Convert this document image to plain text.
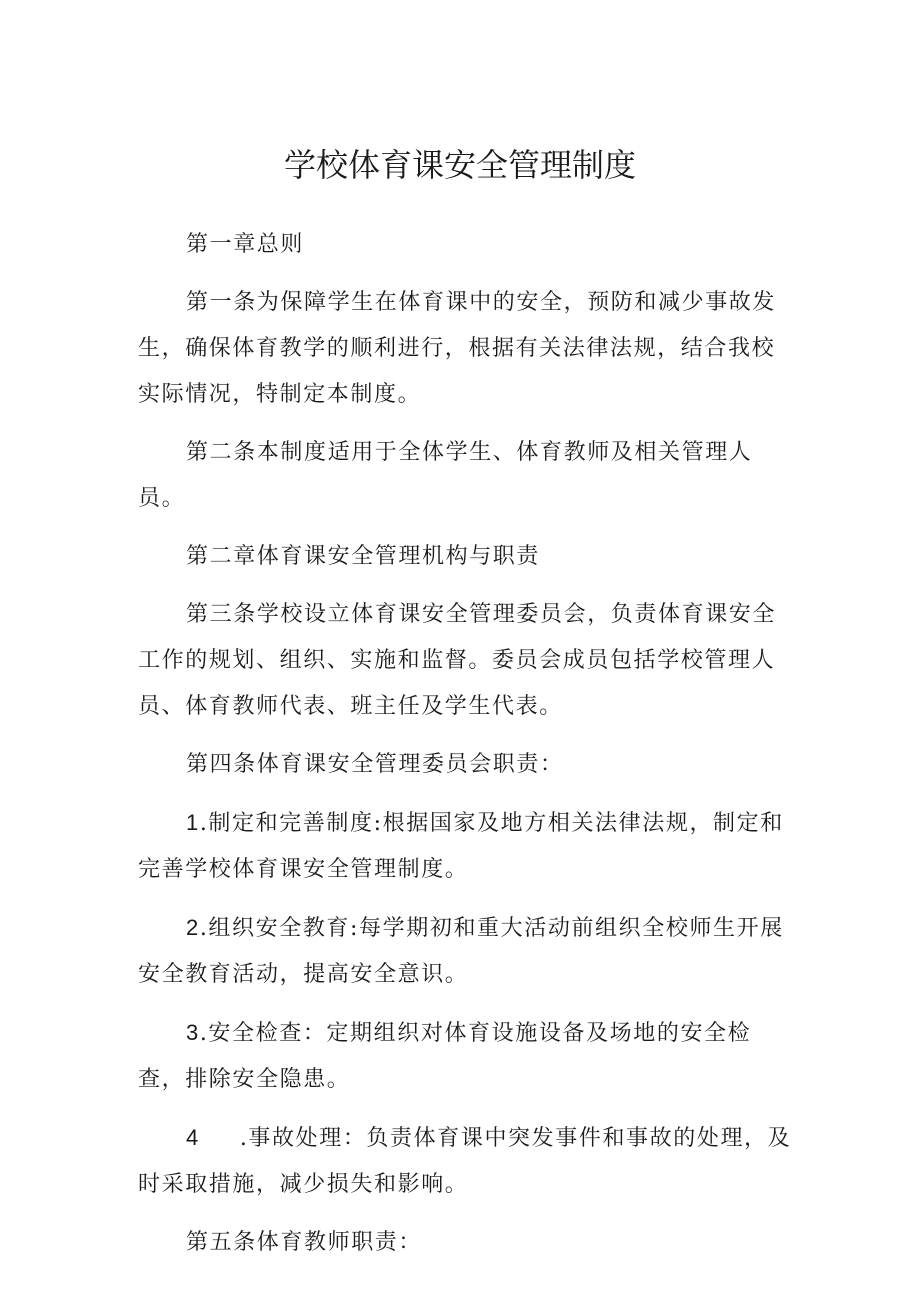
学校体育课安全管理制度

第一章总则

第一条为保障学生在体育课中的安全，预防和减少事故发生，确保体育教学的顺利进行，根据有关法律法规，结合我校实际情况，特制定本制度。

第二条本制度适用于全体学生、体育教师及相关管理人员。

第二章体育课安全管理机构与职责

第三条学校设立体育课安全管理委员会，负责体育课安全工作的规划、组织、实施和监督。委员会成员包括学校管理人员、体育教师代表、班主任及学生代表。

第四条体育课安全管理委员会职责：

1.制定和完善制度:根据国家及地方相关法律法规，制定和完善学校体育课安全管理制度。

2.组织安全教育:每学期初和重大活动前组织全校师生开展安全教育活动，提高安全意识。

3.安全检查：定期组织对体育设施设备及场地的安全检查，排除安全隐患。

4 .事故处理：负责体育课中突发事件和事故的处理，及时采取措施，减少损失和影响。

第五条体育教师职责：
